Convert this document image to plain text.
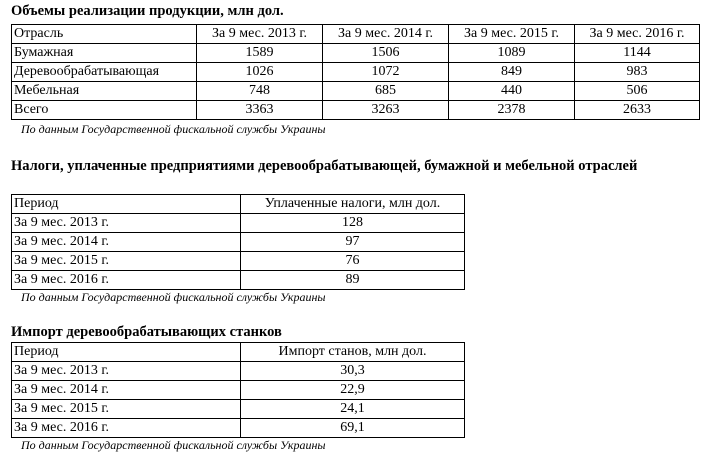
Объемы реализации продукции, млн дол.
Отрасль	За 9 мес. 2013 г.	За 9 мес. 2014 г.	За 9 мес. 2015 г.	За 9 мес. 2016 г.
Бумажная	1589	1506	1089	1144
Деревообрабатывающая	1026	1072	849	983
Мебельная	748	685	440	506
Всего	3363	3263	2378	2633
По данным Государственной фискальной службы Украины
Налоги, уплаченные предприятиями деревообрабатывающей, бумажной и мебельной отраслей
Период	Уплаченные налоги, млн дол.
За 9 мес. 2013 г.	128
За 9 мес. 2014 г.	97
За 9 мес. 2015 г.	76
За 9 мес. 2016 г.	89
По данным Государственной фискальной службы Украины
Импорт деревообрабатывающих станков
Период	Импорт станов, млн дол.
За 9 мес. 2013 г.	30,3
За 9 мес. 2014 г.	22,9
За 9 мес. 2015 г.	24,1
За 9 мес. 2016 г.	69,1
По данным Государственной фискальной службы Украины
